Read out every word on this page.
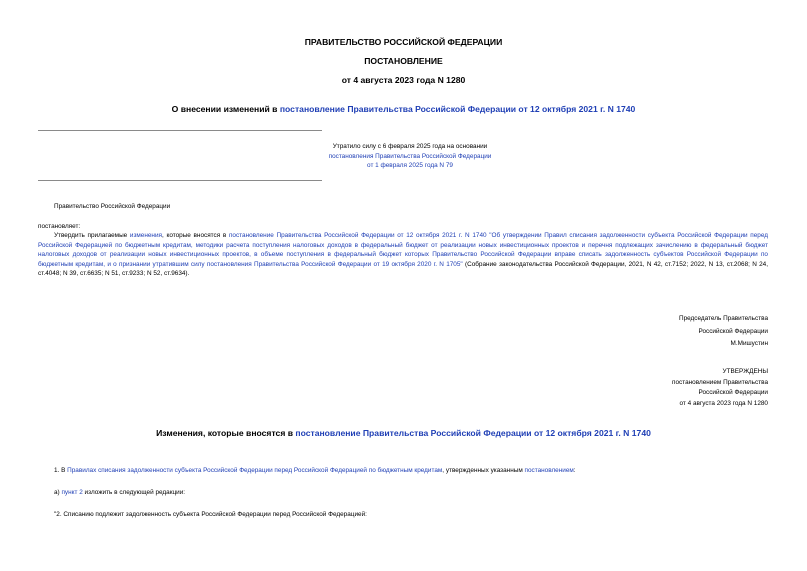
ПРАВИТЕЛЬСТВО РОССИЙСКОЙ ФЕДЕРАЦИИ
ПОСТАНОВЛЕНИЕ
от 4 августа 2023 года N 1280
О внесении изменений в постановление Правительства Российской Федерации от 12 октября 2021 г. N 1740
Утратило силу с 6 февраля 2025 года на основании
постановления Правительства Российской Федерации
от 1 февраля 2025 года N 79
Правительство Российской Федерации
постановляет:
Утвердить прилагаемые изменения, которые вносятся в постановление Правительства Российской Федерации от 12 октября 2021 г. N 1740 "Об утверждении Правил списания задолженности субъекта Российской Федерации перед Российской Федерацией по бюджетным кредитам, методики расчета поступления налоговых доходов в федеральный бюджет от реализации новых инвестиционных проектов и перечня подлежащих зачислению в федеральный бюджет налоговых доходов от реализации новых инвестиционных проектов, в объеме поступления в федеральный бюджет которых Правительство Российской Федерации вправе списать задолженность субъектов Российской Федерации по бюджетным кредитам, и о признании утратившим силу постановления Правительства Российской Федерации от 19 октября 2020 г. N 1705" (Собрание законодательства Российской Федерации, 2021, N 42, ст.7152; 2022, N 13, ст.2068; N 24, ст.4048; N 39, ст.6635; N 51, ст.9233; N 52, ст.9634).
Председатель Правительства
Российской Федерации
М.Мишустин
УТВЕРЖДЕНЫ
постановлением Правительства
Российской Федерации
от 4 августа 2023 года N 1280
Изменения, которые вносятся в постановление Правительства Российской Федерации от 12 октября 2021 г. N 1740
1. В Правилах списания задолженности субъекта Российской Федерации перед Российской Федерацией по бюджетным кредитам, утвержденных указанным постановлением:
а) пункт 2 изложить в следующей редакции:
"2. Списанию подлежит задолженность субъекта Российской Федерации перед Российской Федерацией:
